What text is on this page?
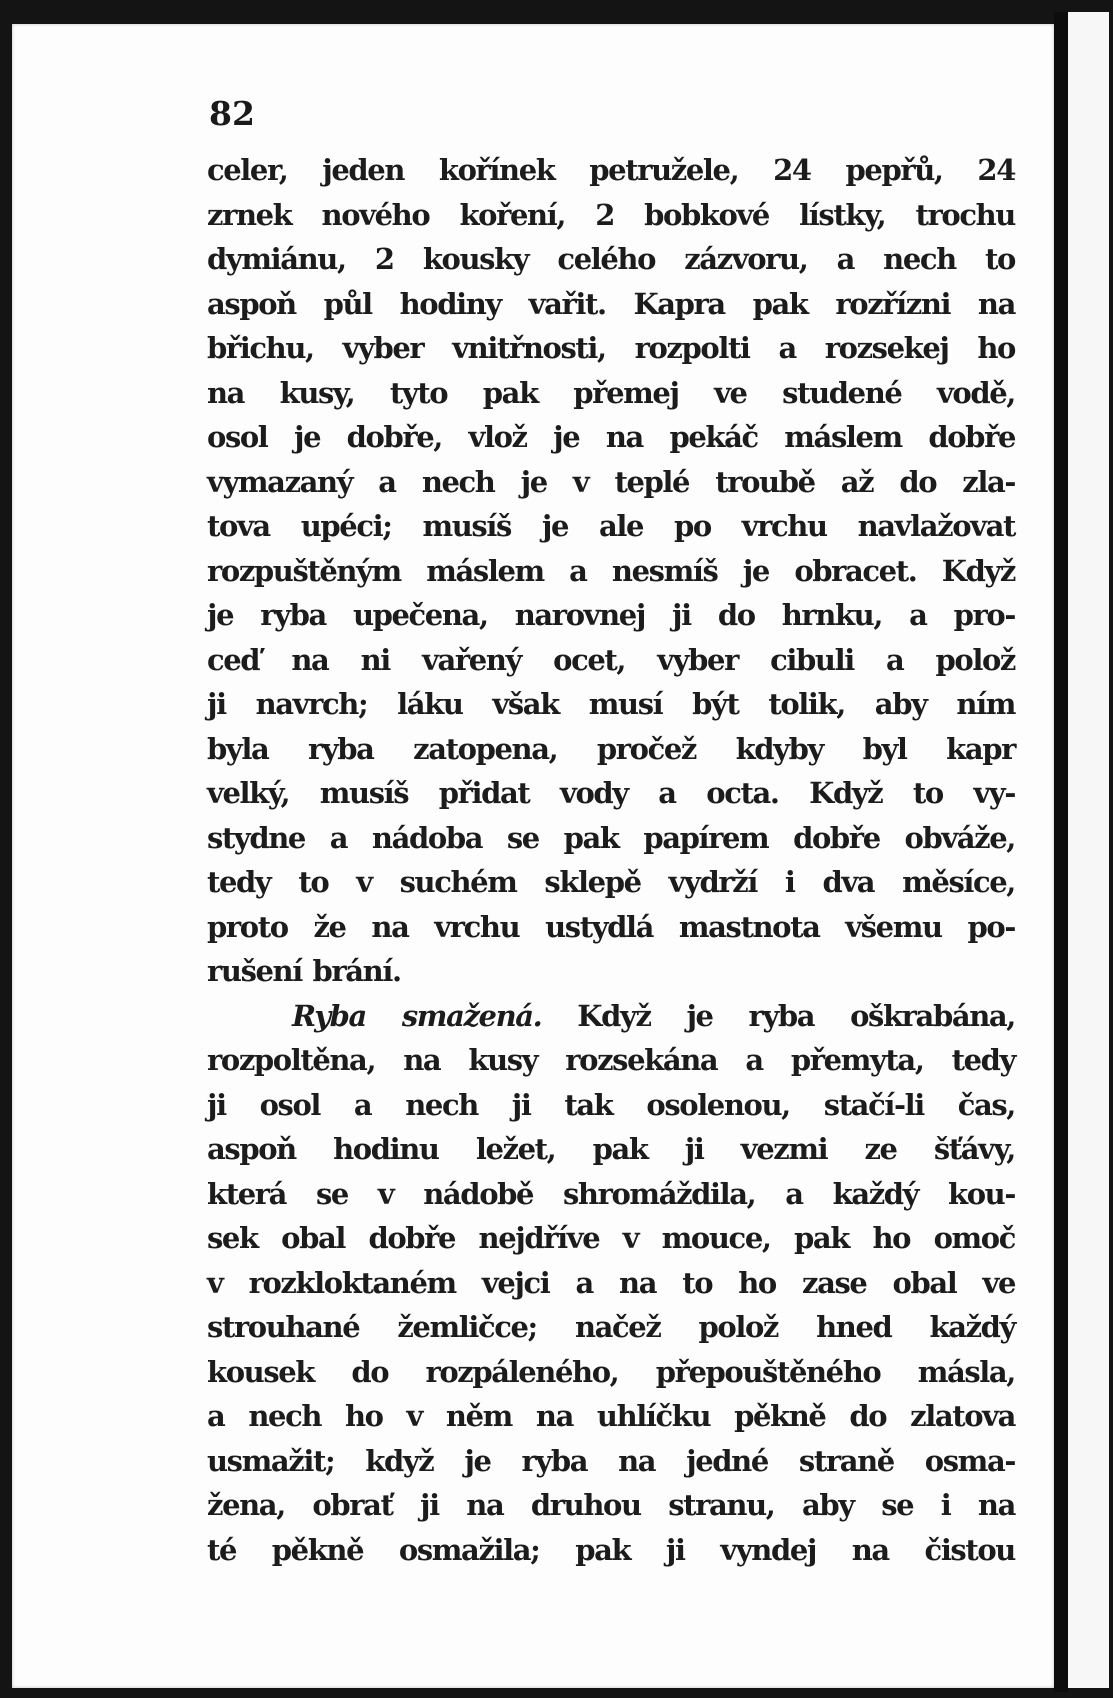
82
celer, jeden kořínek petružele, 24 pepřů, 24
zrnek nového koření, 2 bobkové lístky, trochu
dymiánu, 2 kousky celého zázvoru, a nech to
aspoň půl hodiny vařit. Kapra pak rozřízni na
břichu, vyber vnitřnosti, rozpolti a rozsekej ho
na kusy, tyto pak přemej ve studené vodě,
osol je dobře, vlož je na pekáč máslem dobře
vymazaný a nech je v teplé troubě až do zla-
tova upéci; musíš je ale po vrchu navlažovat
rozpuštěným máslem a nesmíš je obracet. Když
je ryba upečena, narovnej ji do hrnku, a pro-
ceď na ni vařený ocet, vyber cibuli a polož
ji navrch; láku však musí být tolik, aby ním
byla ryba zatopena, pročež kdyby byl kapr
velký, musíš přidat vody a octa. Když to vy-
stydne a nádoba se pak papírem dobře obváže,
tedy to v suchém sklepě vydrží i dva měsíce,
proto že na vrchu ustydlá mastnota všemu po-
rušení brání.
Ryba smažená. Když je ryba oškrabána,
rozpoltěna, na kusy rozsekána a přemyta, tedy
ji osol a nech ji tak osolenou, stačí-li čas,
aspoň hodinu ležet, pak ji vezmi ze šťávy,
která se v nádobě shromáždila, a každý kou-
sek obal dobře nejdříve v mouce, pak ho omoč
v rozkloktaném vejci a na to ho zase obal ve
strouhané žemličce; načež polož hned každý
kousek do rozpáleného, přepouštěného másla,
a nech ho v něm na uhlíčku pěkně do zlatova
usmažit; když je ryba na jedné straně osma-
žena, obrať ji na druhou stranu, aby se i na
té pěkně osmažila; pak ji vyndej na čistou
